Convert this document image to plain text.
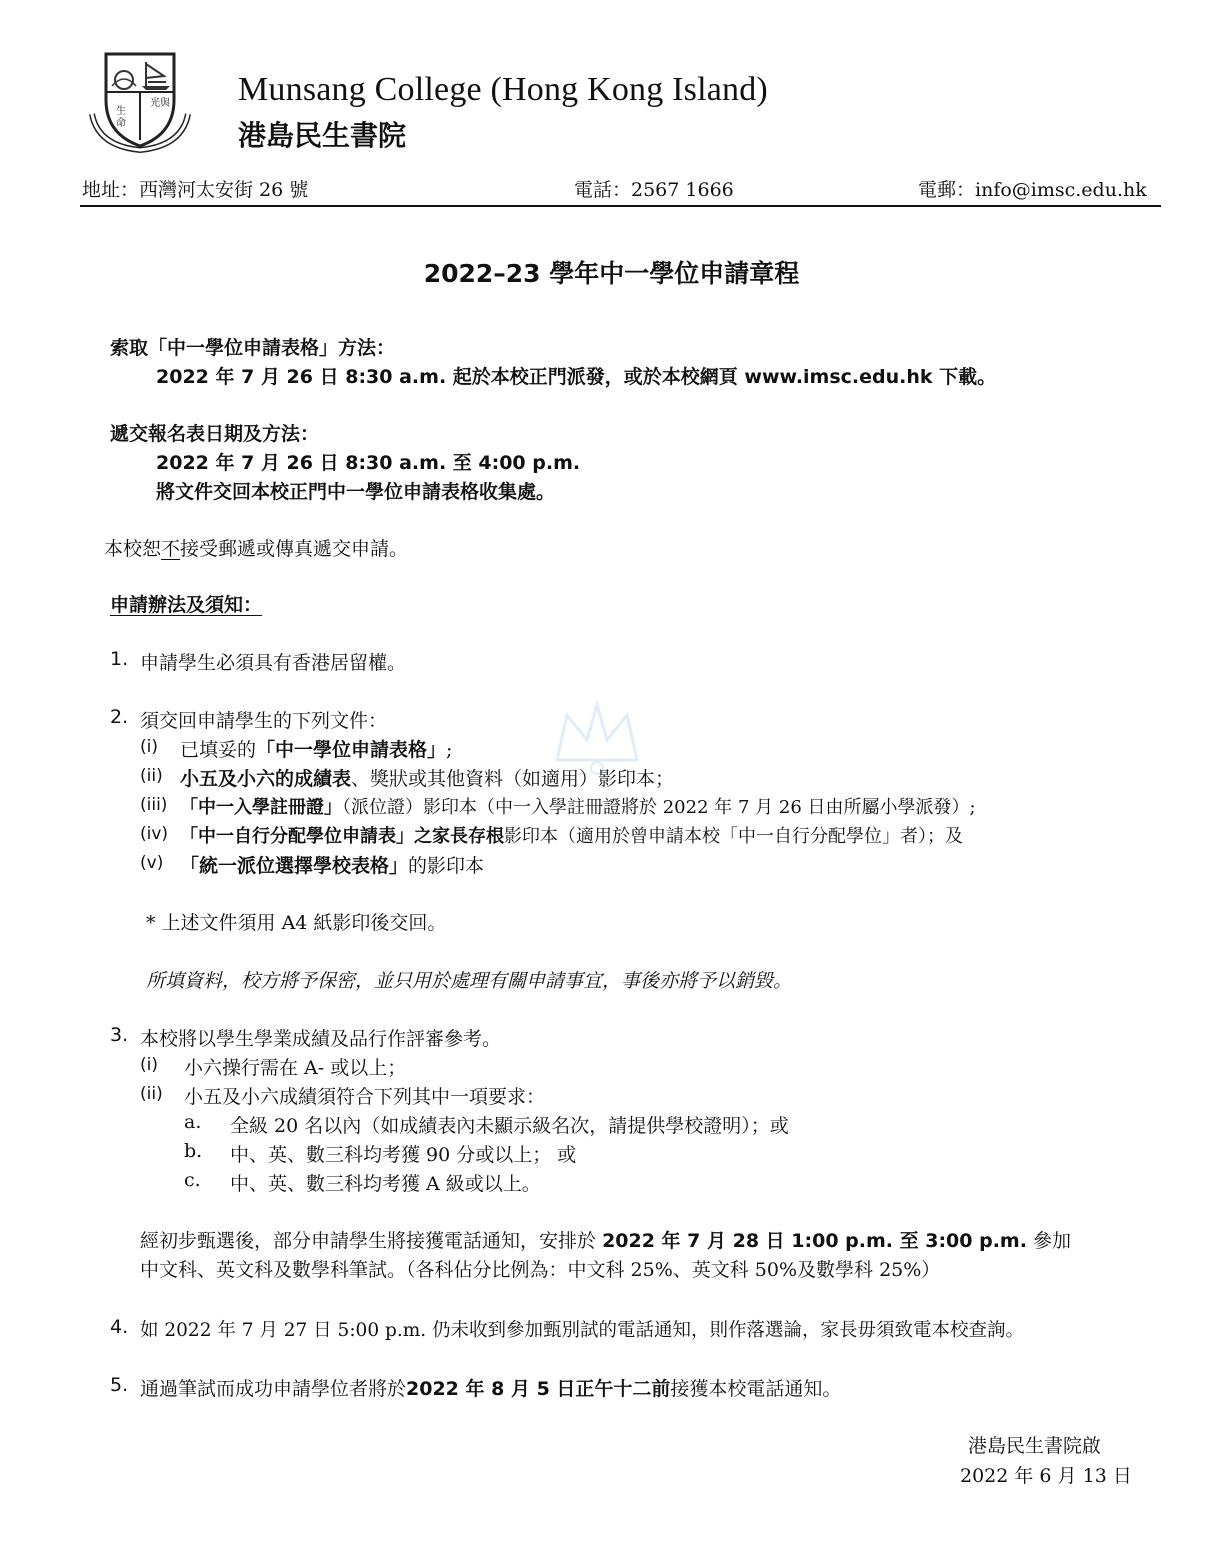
光 與
生
命
Munsang College (Hong Kong Island)
港島民生書院
地址：西灣河太安街 26 號	電話：2567 1666	電郵：info@imsc.edu.hk
2022–23 學年中一學位申請章程
索取「中一學位申請表格」方法：
2022 年 7 月 26 日 8:30 a.m. 起於本校正門派發，或於本校網頁 www.imsc.edu.hk 下載。
遞交報名表日期及方法：
2022 年 7 月 26 日 8:30 a.m. 至 4:00 p.m.
將文件交回本校正門中一學位申請表格收集處。
本校恕不接受郵遞或傳真遞交申請。
申請辦法及須知：
1. 申請學生必須具有香港居留權。
2. 須交回申請學生的下列文件：
(i) 已填妥的「中一學位申請表格」;
(ii) 小五及小六的成績表、獎狀或其他資料（如適用）影印本；
(iii) 「中一入學註冊證」（派位證）影印本（中一入學註冊證將於 2022 年 7 月 26 日由所屬小學派發）;
(iv) 「中一自行分配學位申請表」之家長存根影印本（適用於曾申請本校「中一自行分配學位」者）；及
(v) 「統一派位選擇學校表格」的影印本
* 上述文件須用 A4 紙影印後交回。
所填資料，校方將予保密，並只用於處理有關申請事宜，事後亦將予以銷毀。
3. 本校將以學生學業成績及品行作評審參考。
(i) 小六操行需在 A- 或以上；
(ii) 小五及小六成績須符合下列其中一項要求：
a. 全級 20 名以內（如成績表內未顯示級名次，請提供學校證明）；或
b. 中、英、數三科均考獲 90 分或以上； 或
c. 中、英、數三科均考獲 A 級或以上。
經初步甄選後，部分申請學生將接獲電話通知，安排於 2022 年 7 月 28 日 1:00 p.m. 至 3:00 p.m. 參加
中文科、英文科及數學科筆試。（各科佔分比例為：中文科 25%、英文科 50%及數學科 25%）
4. 如 2022 年 7 月 27 日 5:00 p.m. 仍未收到參加甄別試的電話通知，則作落選論，家長毋須致電本校查詢。
5. 通過筆試而成功申請學位者將於2022 年 8 月 5 日正午十二前接獲本校電話通知。
港島民生書院啟
2022 年 6 月 13 日
